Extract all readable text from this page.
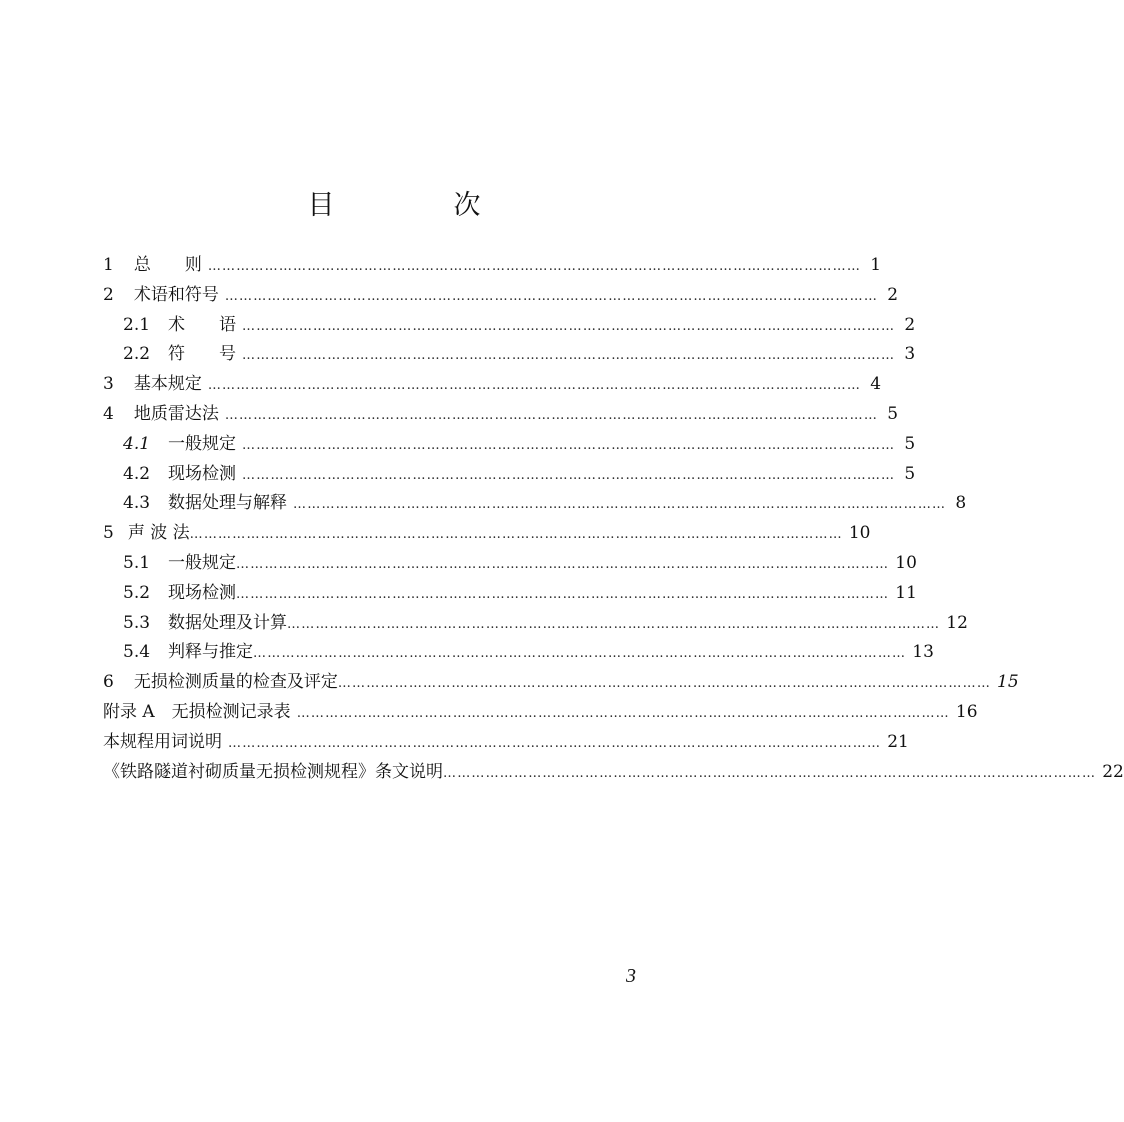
目　次
1 总　　则 ………………………………………………………………………………………………………………………… 1
2 术语和符号 ………………………………………………………………………………………………………………………… 2
2.1 术　　语 ………………………………………………………………………………………………………………………… 2
2.2 符　　号 ………………………………………………………………………………………………………………………… 3
3 基本规定 ………………………………………………………………………………………………………………………… 4
4 地质雷达法 ………………………………………………………………………………………………………………………… 5
4.1 一般规定 ………………………………………………………………………………………………………………………… 5
4.2 现场检测 ………………………………………………………………………………………………………………………… 5
4.3 数据处理与解释 ………………………………………………………………………………………………………………………… 8
5 声 波 法 ………………………………………………………………………………………………………………………… 10
5.1 一般规定 ………………………………………………………………………………………………………………………… 10
5.2 现场检测 ………………………………………………………………………………………………………………………… 11
5.3 数据处理及计算 ………………………………………………………………………………………………………………………… 12
5.4 判释与推定 ………………………………………………………………………………………………………………………… 13
6 无损检测质量的检查及评定 ………………………………………………………………………………………………………………………… 15
附录 A　无损检测记录表 ………………………………………………………………………………………………………………………… 16
本规程用词说明 ………………………………………………………………………………………………………………………… 21
《铁路隧道衬砌质量无损检测规程》条文说明 ………………………………………………………………………………………………………………………… 22
3
